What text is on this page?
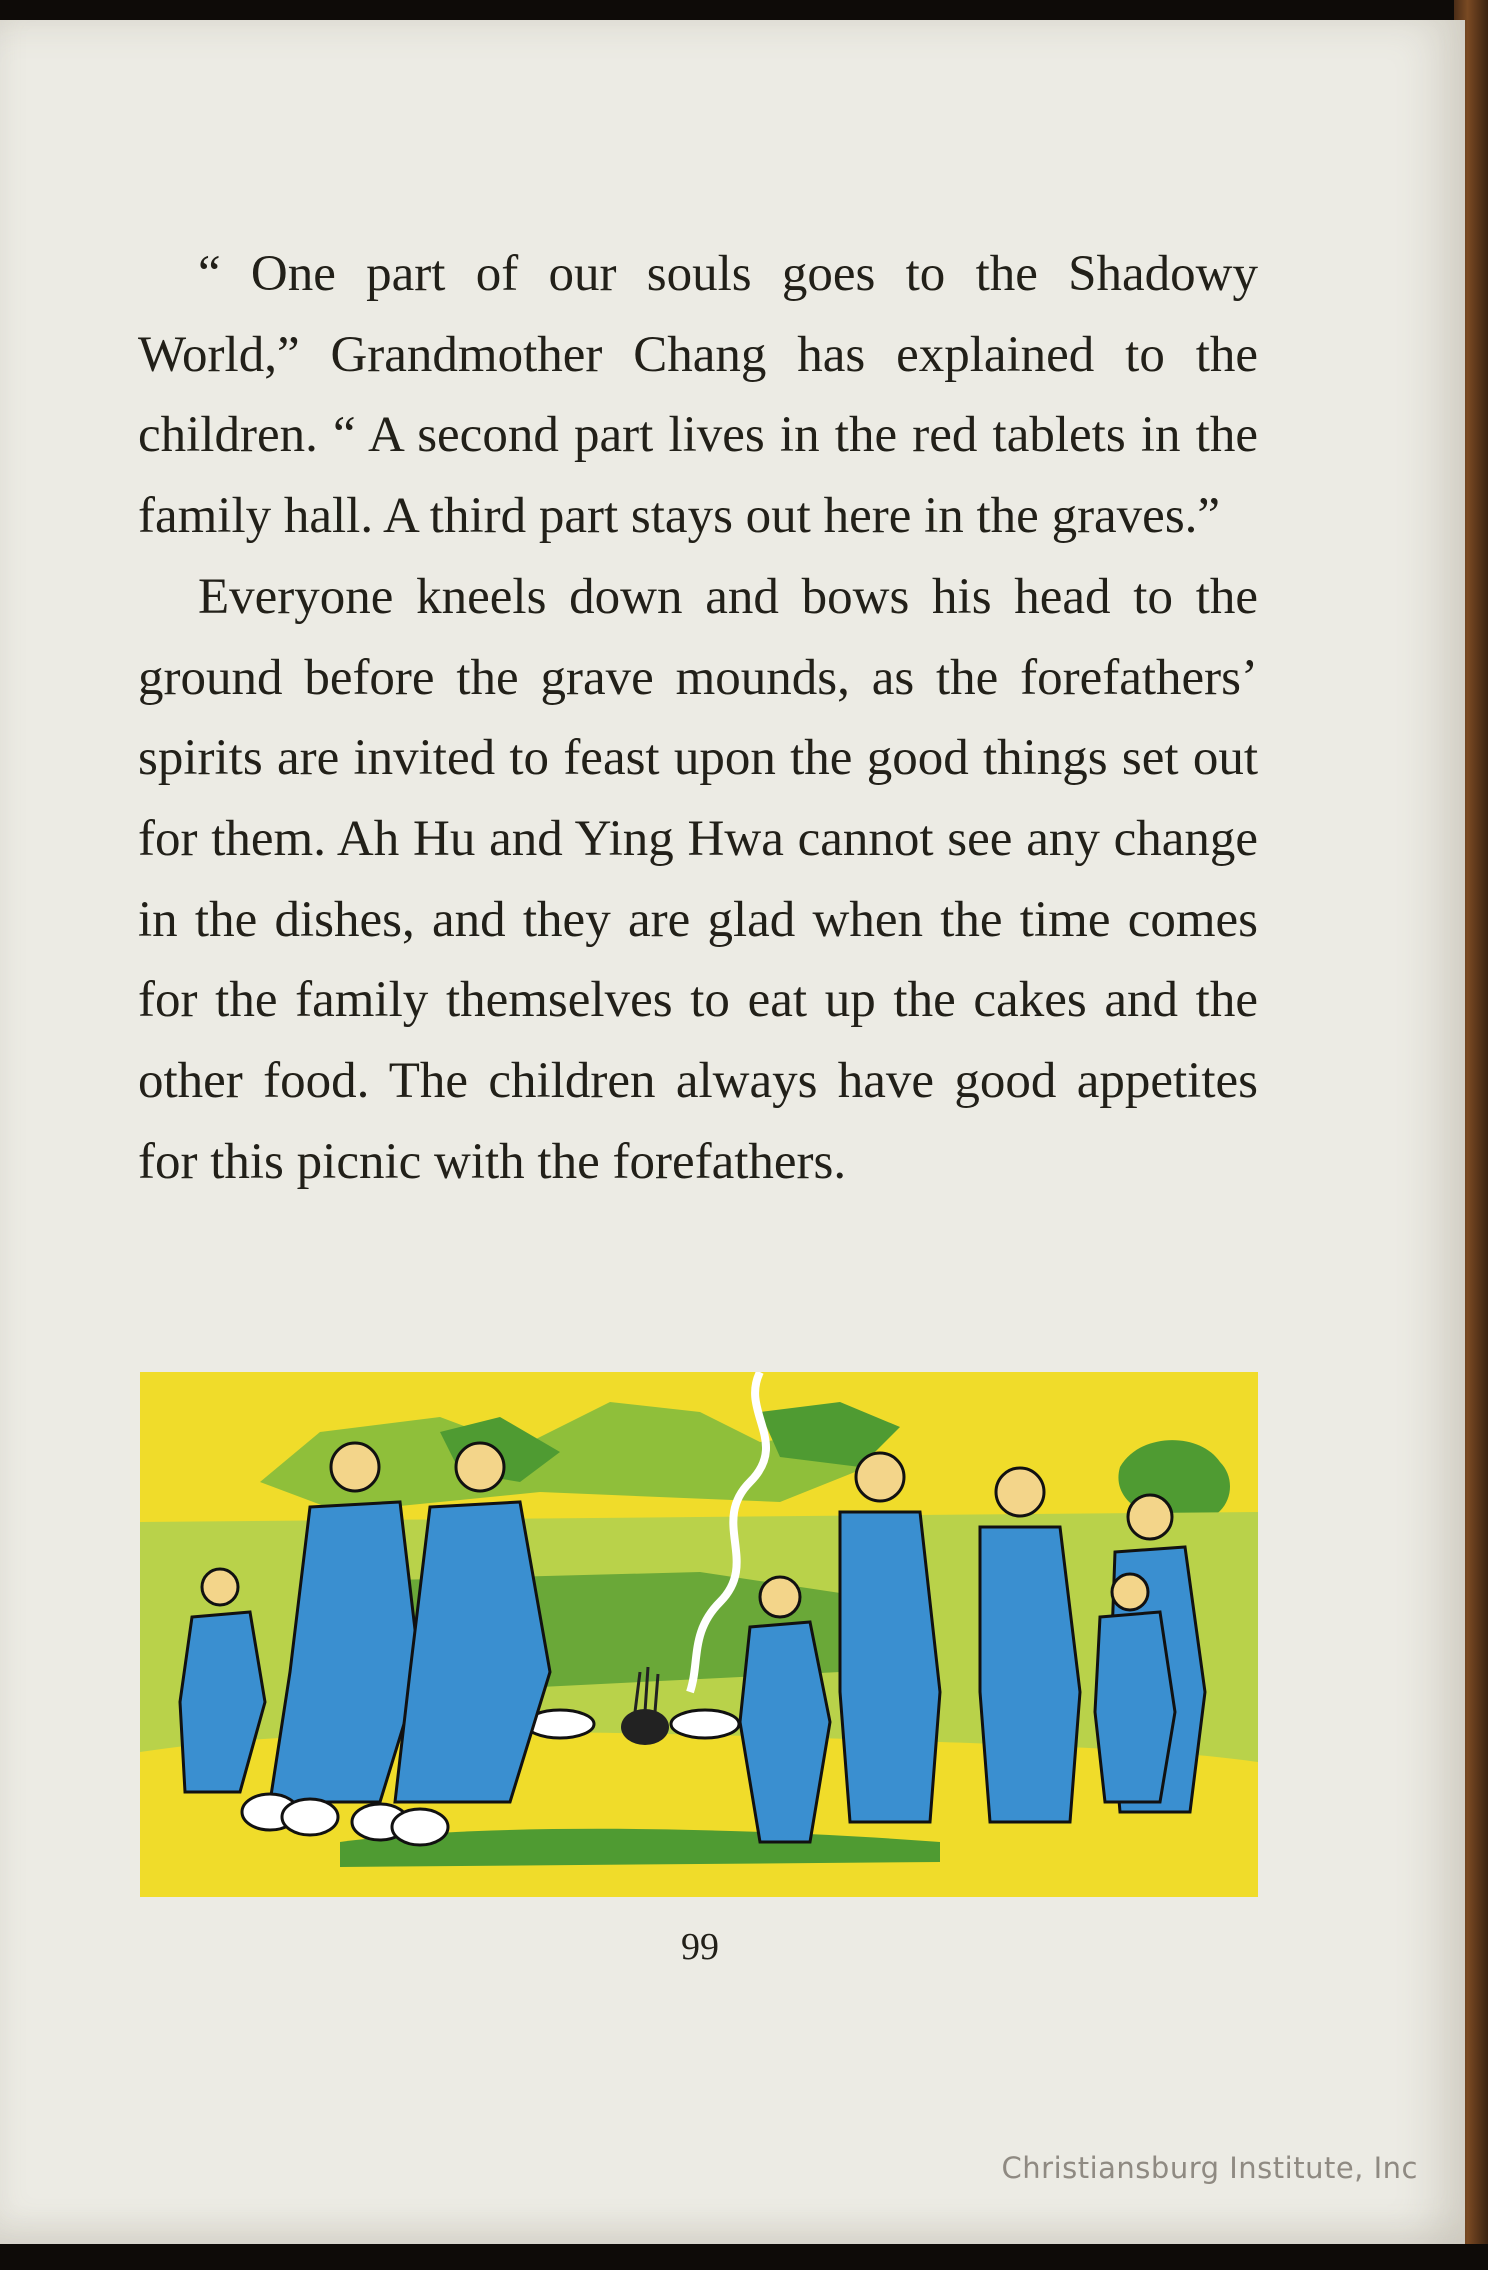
“ One part of our souls goes to the Shadowy World,” Grandmother Chang has explained to the children. “ A second part lives in the red tablets in the family hall. A third part stays out here in the graves.”

Everyone kneels down and bows his head to the ground before the grave mounds, as the forefathers’ spirits are invited to feast upon the good things set out for them. Ah Hu and Ying Hwa cannot see any change in the dishes, and they are glad when the time comes for the family themselves to eat up the cakes and the other food. The children always have good appetites for this picnic with the forefathers.

99
Christiansburg Institute, Inc
